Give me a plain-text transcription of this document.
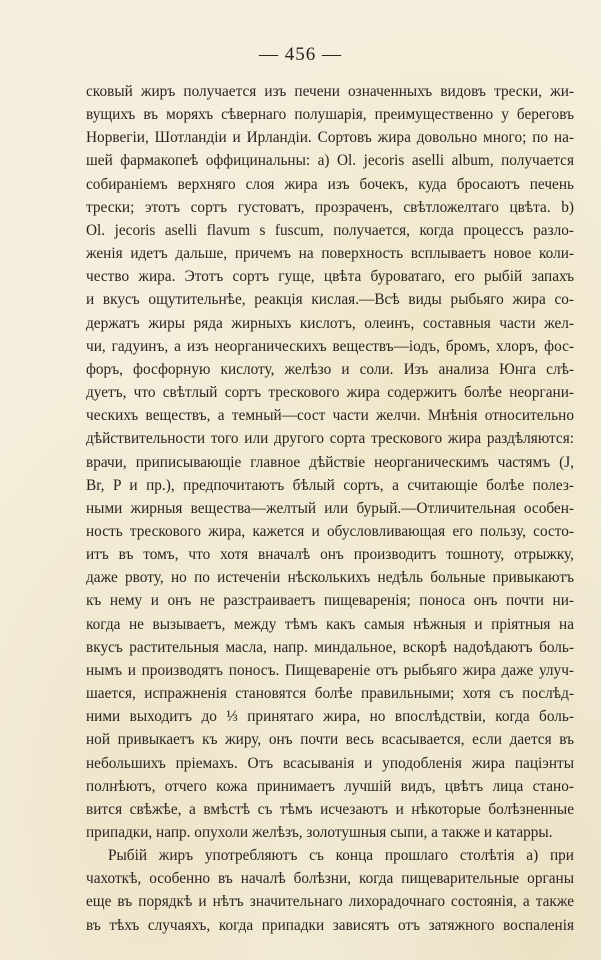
— 456 —
сковый жиръ получается изъ печени означенныхъ видовъ трески, жи-
вущихъ въ моряхъ сѣвернаго полушарія, преимущественно у береговъ
Норвегіи, Шотландіи и Ирландіи. Сортовъ жира довольно много; по на-
шей фармакопеѣ оффицинальны: а) Ol. jecoris aselli album, получается
собираніемъ верхняго слоя жира изъ бочекъ, куда бросаютъ печень
трески; этотъ сортъ густоватъ, прозраченъ, свѣтложелтаго цвѣта. b)
Ol. jecoris aselli flavum s fuscum, получается, когда процессъ разло-
женія идетъ дальше, причемъ на поверхность всплываетъ новое коли-
чество жира. Этотъ сортъ гуще, цвѣта буроватаго, его рыбій запахъ
и вкусъ ощутительнѣе, реакція кислая.—Всѣ виды рыбьяго жира со-
держатъ жиры ряда жирныхъ кислотъ, олеинъ, составныя части жел-
чи, гадуинъ, а изъ неорганическихъ веществъ—іодъ, бромъ, хлоръ, фос-
форъ, фосфорную кислоту, желѣзо и соли. Изъ анализа Юнга слѣ-
дуетъ, что свѣтлый сортъ трескового жира содержитъ болѣе неоргани-
ческихъ веществъ, а темный—сост части желчи. Мнѣнія относительно
дѣйствительности того или другого сорта трескового жира раздѣляются:
врачи, приписывающіе главное дѣйствіе неорганическимъ частямъ (J,
Br, P и пр.), предпочитаютъ бѣлый сортъ, а считающіе болѣе полез-
ными жирныя вещества—желтый или бурый.—Отличительная особен-
ность трескового жира, кажется и обусловливающая его пользу, состо-
итъ въ томъ, что хотя вначалѣ онъ производитъ тошноту, отрыжку,
даже рвоту, но по истеченіи нѣсколькихъ недѣль больные привыкаютъ
къ нему и онъ не разстраиваетъ пищеваренія; поноса онъ почти ни-
когда не вызываетъ, между тѣмъ какъ самыя нѣжныя и пріятныя на
вкусъ растительныя масла, напр. миндальное, вскорѣ надоѣдаютъ боль-
нымъ и производятъ поносъ. Пищевареніе отъ рыбьяго жира даже улуч-
шается, испражненія становятся болѣе правильными; хотя съ послѣд-
ними выходитъ до ⅓ принятаго жира, но впослѣдствіи, когда боль-
ной привыкаетъ къ жиру, онъ почти весь всасывается, если дается въ
небольшихъ пріемахъ. Отъ всасыванія и уподобленія жира паціэнты
полнѣютъ, отчего кожа принимаетъ лучшій видъ, цвѣтъ лица стано-
вится свѣжѣе, а вмѣстѣ съ тѣмъ исчезаютъ и нѣкоторые болѣзненные
припадки, напр. опухоли желѣзъ, золотушныя сыпи, а также и катарры.
Рыбій жиръ употребляютъ съ конца прошлаго столѣтія а) при
чахоткѣ, особенно въ началѣ болѣзни, когда пищеварительные органы
еще въ порядкѣ и нѣтъ значительнаго лихорадочнаго состоянія, а также
въ тѣхъ случаяхъ, когда припадки зависятъ отъ затяжного воспаленія
